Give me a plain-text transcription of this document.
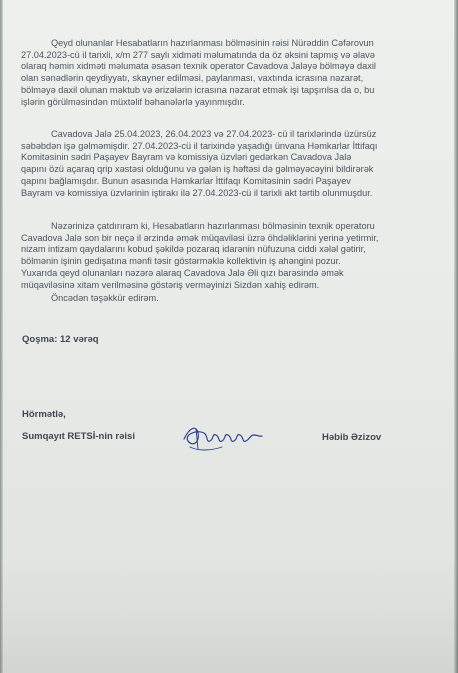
Qeyd olunanlar Hesabatların hazırlanması bölməsinin rəisi Nürəddin Cəfərovun
27.04.2023-cü il tarixli, x/m 277 saylı xidməti məlumatında da öz əksini tapmış və əlavə
olaraq həmin xidməti məlumata əsasən texnik operator Cavadova Jaləyə bölməyə daxil
olan sənədlərin qeydiyyatı, skayner edilməsi, paylanması, vaxtında icrasına nəzarət,
bölməyə daxil olunan məktub və ərizələrin icrasına nəzarət etmək işi tapşırılsa da o, bu
işlərin görülməsindən müxtəlif bəhanələrlə yayınmışdır.
Cavadova Jalə 25.04.2023, 26.04.2023 və 27.04.2023- cü il tarixlərində üzürsüz
səbəbdən işə gəlməmişdir. 27.04.2023-cü il tarixində yaşadığı ünvana Həmkarlar İttifaqı
Komitəsinin sədri Paşayev Bayram və komissiya üzvləri gedərkən Cavadova Jalə
qapını özü açaraq qrip xəstəsi olduğunu və gələn iş həftəsi də gəlməyəcəyini bildirərək
qapını bağlamışdır. Bunun əsasında Həmkarlar İttifaqı Komitəsinin sədri Paşayev
Bayram və komissiya üzvlərinin iştirakı ilə 27.04.2023-cü il tarixli akt tərtib olunmuşdur.
Nəzərinizə çatdırıram ki, Hesabatların hazırlanması bölməsinin texnik operatoru
Cavadova Jalə son bir neçə il ərzində əmək müqaviləsi üzrə öhdəliklərini yerinə yetirmir,
nizam intizam qaydalarını kobud şəkildə pozaraq idarənin nüfuzuna ciddi xələl gətirir,
bölmənin işinin gedişatına mənfi təsir göstərməklə kollektivin iş ahəngini pozur.
Yuxarıda qeyd olunanları nəzərə alaraq Cavadova Jalə Əli qızı barəsində əmək
müqaviləsinə xitam verilməsinə göstəriş verməyinizi Sizdən xahiş edirəm.
Öncədən təşəkkür edirəm.
Qoşma: 12 vərəq
Hörmətlə,
Sumqayıt RETSİ-nin rəisi	Həbib Əzizov
